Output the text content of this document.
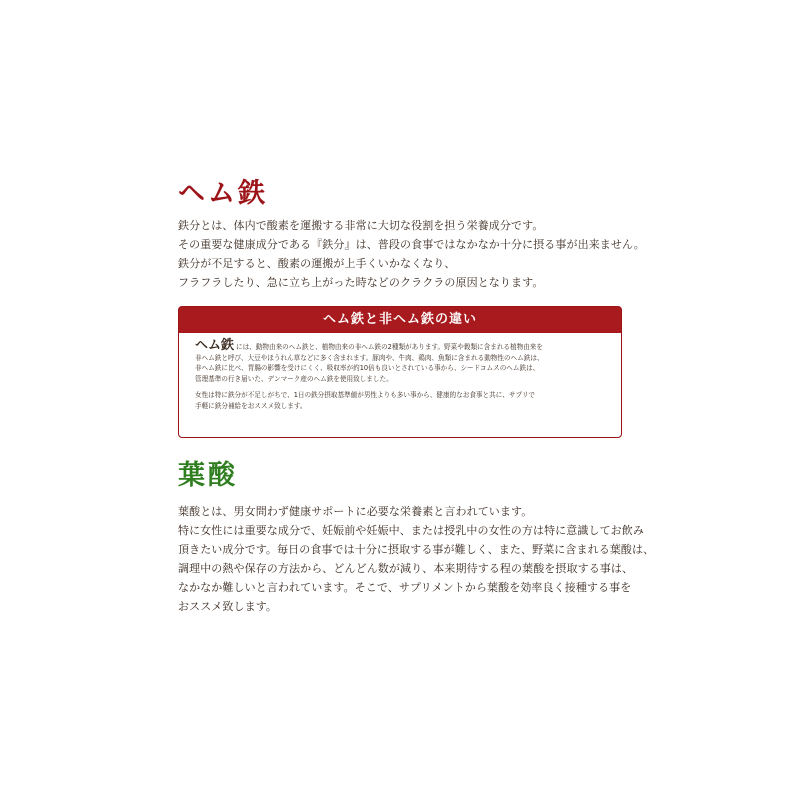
ヘム鉄
鉄分とは、体内で酸素を運搬する非常に大切な役割を担う栄養成分です。
その重要な健康成分である『鉄分』は、普段の食事ではなかなか十分に摂る事が出来ません。
鉄分が不足すると、酸素の運搬が上手くいかなくなり、
フラフラしたり、急に立ち上がった時などのクラクラの原因となります。
ヘム鉄と非ヘム鉄の違い
ヘム鉄 には、動物由来のヘム鉄と、植物由来の非ヘム鉄の2種類があります。野菜や穀類に含まれる植物由来を
非ヘム鉄と呼び、大豆やほうれん草などに多く含まれます。豚肉や、牛肉、鶏肉、魚類に含まれる動物性のヘム鉄は、
非ヘム鉄に比べ、胃腸の影響を受けにくく、吸収率が約10倍も良いとされている事から、シードコムスのヘム鉄は、
管理基準の行き届いた、デンマーク産のヘム鉄を使用致しました。
女性は特に鉄分が不足しがちで、1日の鉄分摂取基準値が男性よりも多い事から、健康的なお食事と共に、サプリで
手軽に鉄分補給をおススメ致します。
葉酸
葉酸とは、男女問わず健康サポートに必要な栄養素と言われています。
特に女性には重要な成分で、妊娠前や妊娠中、または授乳中の女性の方は特に意識してお飲み
頂きたい成分です。毎日の食事では十分に摂取する事が難しく、また、野菜に含まれる葉酸は、
調理中の熱や保存の方法から、どんどん数が減り、本来期待する程の葉酸を摂取する事は、
なかなか難しいと言われています。そこで、サプリメントから葉酸を効率良く接種する事を
おススメ致します。
